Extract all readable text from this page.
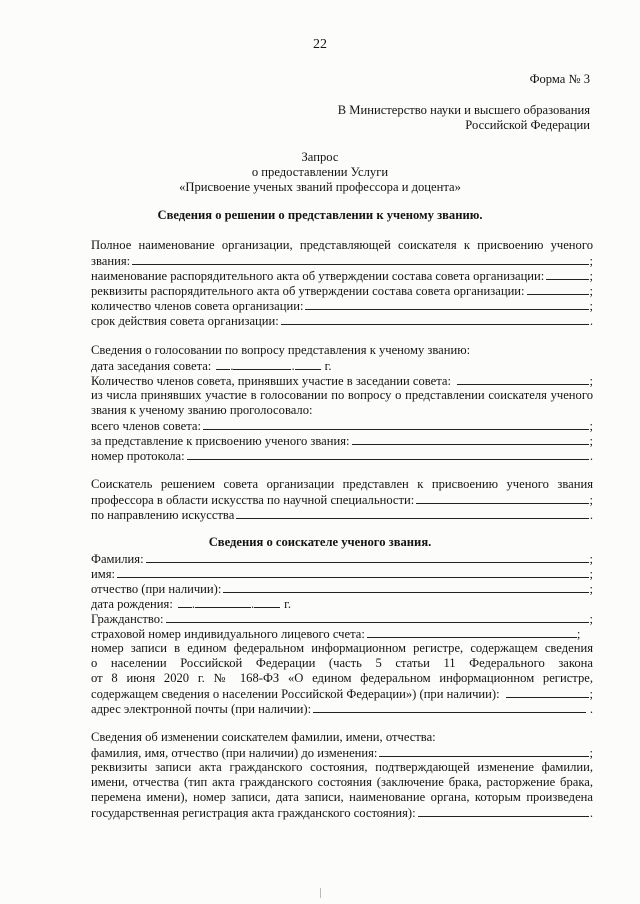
22
Форма № 3
В Министерство науки и высшего образования
Российской Федерации
Запрос
о предоставлении Услуги
«Присвоение ученых званий профессора и доцента»
Сведения о решении о представлении к ученому званию.
Полное наименование организации, представляющей соискателя к присвоению ученого
звания:	;
наименование распорядительного акта об утверждении состава совета организации:	;
реквизиты распорядительного акта об утверждении состава совета организации:	;
количество членов совета организации:	;
срок действия совета организации:	.
Сведения о голосовании по вопросу представления к ученому званию:
дата заседания совета: .	. г.
Количество членов совета, принявших участие в заседании совета:	;
из числа принявших участие в голосовании по вопросу о представлении соискателя ученого
звания к ученому званию проголосовало:
всего членов совета:	;
за представление к присвоению ученого звания:	;
номер протокола:	.
Соискатель решением совета организации представлен к присвоению ученого звания
профессора в области искусства по научной специальности:	;
по направлению искусства	.
Сведения о соискателе ученого звания.
Фамилия:	;
имя:	;
отчество (при наличии):	;
дата рождения: .	. г.
Гражданство:	;
страховой номер индивидуального лицевого счета:	;
номер записи в едином федеральном информационном регистре, содержащем сведения
о населении Российской Федерации (часть 5 статьи 11 Федерального закона
от 8 июня 2020 г. № 168-ФЗ «О едином федеральном информационном регистре,
содержащем сведения о населении Российской Федерации») (при наличии):	;
адрес электронной почты (при наличии):	.
Сведения об изменении соискателем фамилии, имени, отчества:
фамилия, имя, отчество (при наличии) до изменения:	;
реквизиты записи акта гражданского состояния, подтверждающей изменение фамилии,
имени, отчества (тип акта гражданского состояния (заключение брака, расторжение брака,
перемена имени), номер записи, дата записи, наименование органа, которым произведена
государственная регистрация акта гражданского состояния):	.
